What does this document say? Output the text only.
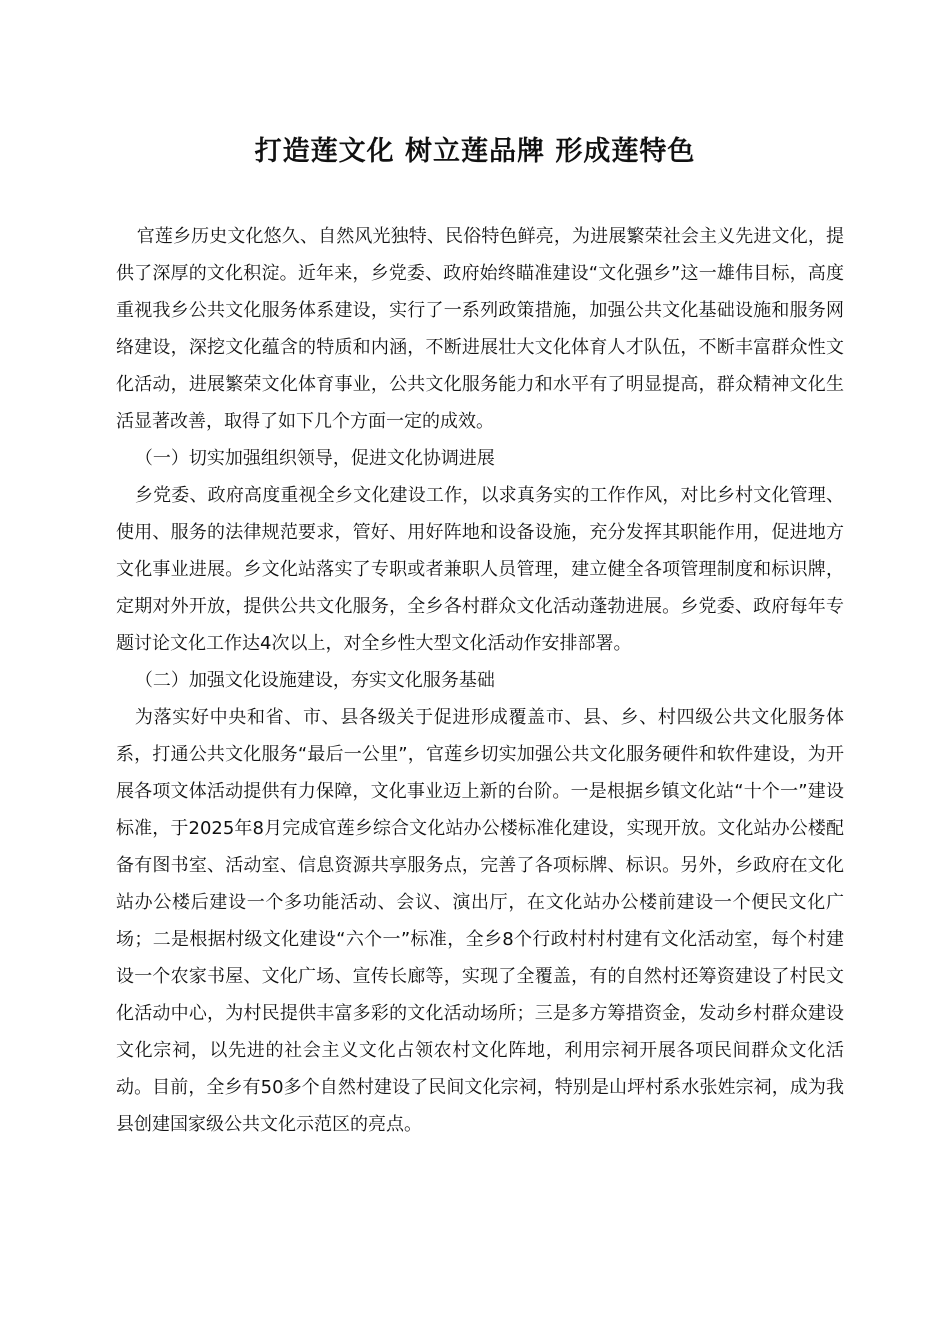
打造莲文化 树立莲品牌 形成莲特色

官莲乡历史文化悠久、自然风光独特、民俗特色鲜亮，为进展繁荣社会主义先进文化，提供了深厚的文化积淀。近年来，乡党委、政府始终瞄准建设“文化强乡”这一雄伟目标，高度重视我乡公共文化服务体系建设，实行了一系列政策措施，加强公共文化基础设施和服务网络建设，深挖文化蕴含的特质和内涵，不断进展壮大文化体育人才队伍，不断丰富群众性文化活动，进展繁荣文化体育事业，公共文化服务能力和水平有了明显提高，群众精神文化生活显著改善，取得了如下几个方面一定的成效。

（一）切实加强组织领导，促进文化协调进展

乡党委、政府高度重视全乡文化建设工作，以求真务实的工作作风，对比乡村文化管理、使用、服务的法律规范要求，管好、用好阵地和设备设施，充分发挥其职能作用，促进地方文化事业进展。乡文化站落实了专职或者兼职人员管理，建立健全各项管理制度和标识牌，定期对外开放，提供公共文化服务，全乡各村群众文化活动蓬勃进展。乡党委、政府每年专题讨论文化工作达4次以上，对全乡性大型文化活动作安排部署。

（二）加强文化设施建设，夯实文化服务基础

为落实好中央和省、市、县各级关于促进形成覆盖市、县、乡、村四级公共文化服务体系，打通公共文化服务“最后一公里”，官莲乡切实加强公共文化服务硬件和软件建设，为开展各项文体活动提供有力保障，文化事业迈上新的台阶。一是根据乡镇文化站“十个一”建设标准，于2025年8月完成官莲乡综合文化站办公楼标准化建设，实现开放。文化站办公楼配备有图书室、活动室、信息资源共享服务点，完善了各项标牌、标识。另外，乡政府在文化站办公楼后建设一个多功能活动、会议、演出厅，在文化站办公楼前建设一个便民文化广场；二是根据村级文化建设“六个一”标准，全乡8个行政村村村建有文化活动室，每个村建设一个农家书屋、文化广场、宣传长廊等，实现了全覆盖，有的自然村还筹资建设了村民文化活动中心，为村民提供丰富多彩的文化活动场所；三是多方筹措资金，发动乡村群众建设文化宗祠，以先进的社会主义文化占领农村文化阵地，利用宗祠开展各项民间群众文化活动。目前，全乡有50多个自然村建设了民间文化宗祠，特别是山坪村系水张姓宗祠，成为我县创建国家级公共文化示范区的亮点。
